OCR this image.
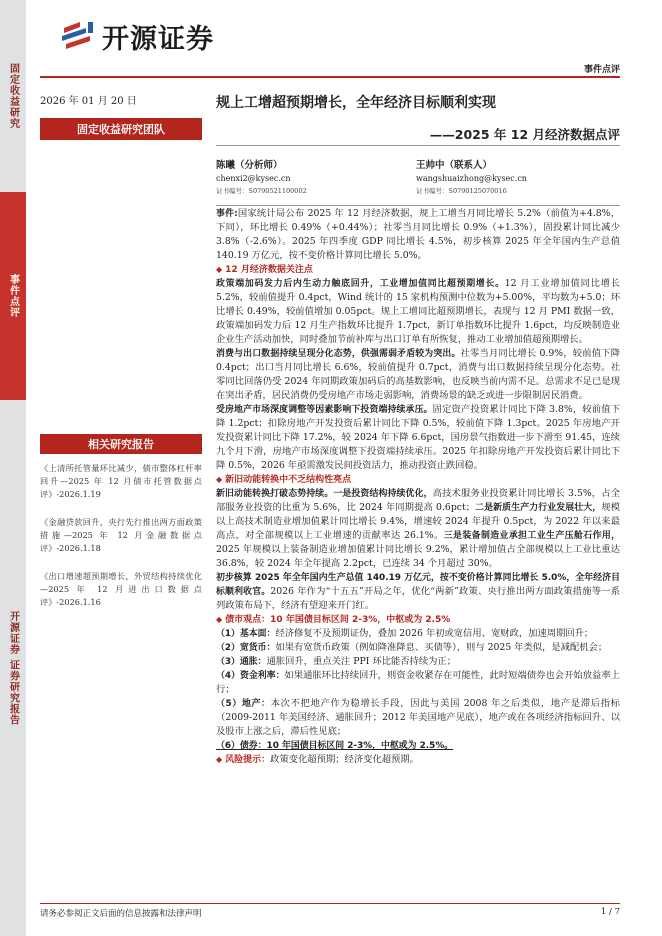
固定收益研究
事件点评
开源证券 证券研究报告
开源证券
事件点评
2026 年 01 月 20 日
固定收益研究团队
规上工增超预期增长，全年经济目标顺利实现
——2025 年 12 月经济数据点评
陈曦（分析师）
chenxi2@kysec.cn
证书编号：S0790521100002
王帅中（联系人）
wangshuaizhong@kysec.cn
证书编号：S0790125070016
相关研究报告
《上清所托管量环比减少，债市整体杠杆率回升—2025 年 12 月债市托管数据点评》-2026.1.19
《金融贷款回升，央行先行推出两方面政策措施—2025 年 12 月金融数据点评》-2026.1.18
《出口增速超预期增长，外贸结构持续优化—2025 年 12 月进出口数据点评》-2026.1.16

事件:国家统计局公布 2025 年 12 月经济数据，规上工增当月同比增长 5.2%（前值为+4.8%，下同），环比增长 0.49%（+0.44%）；社零当月同比增长 0.9%（+1.3%），固投累计同比减少 3.8%（-2.6%）。2025 年四季度 GDP 同比增长 4.5%，初步核算 2025 年全年国内生产总值 140.19 万亿元，按不变价格计算同比增长 5.0%。

◆ 12 月经济数据关注点

政策端加码发力后内生动力触底回升，工业增加值同比超预期增长。12 月工业增加值同比增长 5.2%，较前值提升 0.4pct，Wind 统计的 15 家机构预测中位数为+5.00%，平均数为+5.0；环比增长 0.49%，较前值增加 0.05pct。规上工增同比超预期增长，表现与 12 月 PMI 数据一致，政策端加码发力后 12 月生产指数环比提升 1.7pct，新订单指数环比提升 1.6pct，均反映制造业企业生产活动加快，同时叠加节前补库与出口订单有所恢复，推动工业增加值超预期增长。

消费与出口数据持续呈现分化态势，供强需弱矛盾较为突出。社零当月同比增长 0.9%，较前值下降 0.4pct；出口当月同比增长 6.6%，较前值提升 0.7pct，消费与出口数据持续呈现分化态势。社零同比回落仍受 2024 年同期政策加码后的高基数影响，也反映当前内需不足。总需求不足已是现在突出矛盾，居民消费仍受房地产市场走弱影响，消费场景的缺乏或进一步限制居民消费。

受房地产市场深度调整等因素影响下投资端持续承压。固定资产投资累计同比下降 3.8%，较前值下降 1.2pct；扣除房地产开发投资后累计同比下降 0.5%，较前值下降 1.3pct。2025 年房地产开发投资累计同比下降 17.2%，较 2024 年下降 6.6pct，国房景气指数进一步下滑至 91.45，连续九个月下滑，房地产市场深度调整下投资端持续承压。2025 年扣除房地产开发投资后累计同比下降 0.5%，2026 年亟需激发民间投资活力，推动投资止跌回稳。

◆ 新旧动能转换中不乏结构性亮点

新旧动能转换打破态势持续。一是投资结构持续优化，高技术服务业投资累计同比增长 3.5%，占全部服务业投资的比重为 5.6%，比 2024 年同期提高 0.6pct；二是新质生产力行业发展壮大，规模以上高技术制造业增加值累计同比增长 9.4%，增速较 2024 年提升 0.5pct，为 2022 年以来最高点，对全部规模以上工业增速的贡献率达 26.1%。三是装备制造业承担工业生产压舱石作用，2025 年规模以上装备制造业增加值累计同比增长 9.2%，累计增加值占全部规模以上工业比重达 36.8%，较 2024 年全年提高 2.2pct，已连续 34 个月超过 30%。

初步核算 2025 年全年国内生产总值 140.19 万亿元，按不变价格计算同比增长 5.0%，全年经济目标顺利收官。2026 年作为“十五五”开局之年，优化“两新”政策、央行推出两方面政策措施等一系列政策布局下，经济有望迎来开门红。

◆ 债市观点：10 年国债目标区间 2-3%，中枢或为 2.5%

（1）基本面：经济修复不及预期证伪，叠加 2026 年初或宽信用、宽财政，加速周期回升；

（2）宽货币：如果有宽货币政策（例如降准降息、买债等），则与 2025 年类似，是减配机会；

（3）通胀：通胀回升，重点关注 PPI 环比能否持续为正；

（4）资金利率：如果通胀环比持续回升，则资金收紧存在可能性，此时短端债券也会开始放益率上行；

（5）地产：本次不把地产作为稳增长手段，因此与美国 2008 年之后类似，地产是滞后指标（2009-2011 年美国经济、通胀回升；2012 年美国地产见底），地产或在各项经济指标回升、以及股市上涨之后，滞后性见底；

（6）债券：10 年国债目标区间 2-3%，中枢或为 2.5%。

◆ 风险提示：政策变化超预期；经济变化超预期。

请务必参阅正文后面的信息披露和法律声明	1 / 7
